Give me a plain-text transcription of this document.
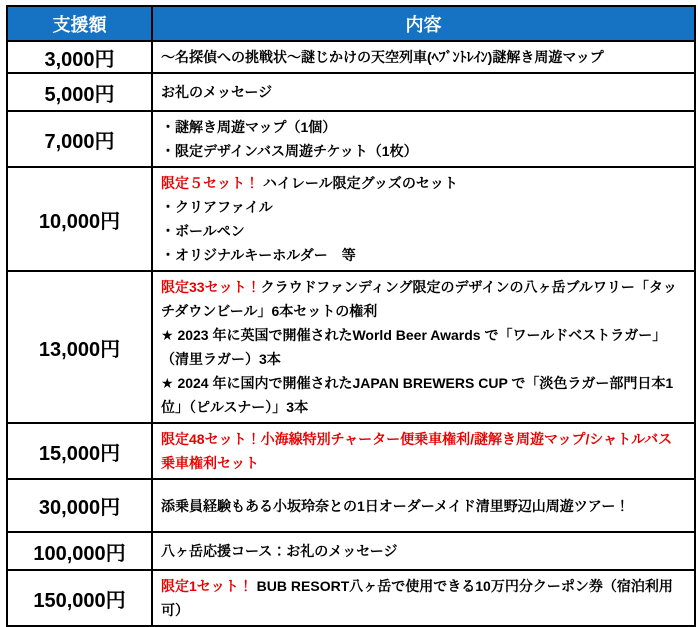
支援額	内容
3,000円	～名探偵への挑戦状～謎じかけの天空列車(ﾍﾌﾞﾝﾄﾚｲﾝ)謎解き周遊マップ

5,000円	お礼のメッセージ

7,000円	・謎解き周遊マップ（1個）
・限定デザインバス周遊チケット（1枚）

10,000円	限定５セット！ ハイレール限定グッズのセット
・クリアファイル
・ボールペン
・オリジナルキーホルダー　等

13,000円	限定33セット！クラウドファンディング限定のデザインの八ヶ岳ブルワリー「タッチダウンビール」6本セットの権利
★ 2023 年に英国で開催されたWorld Beer Awards で「ワールドベストラガー」（清里ラガー）3本
★ 2024 年に国内で開催されたJAPAN BREWERS CUP で「淡色ラガー部門日本1位」（ピルスナー）」3本

15,000円	限定48セット！小海線特別チャーター便乗車権利/謎解き周遊マップ/シャトルバス乗車権利セット

30,000円	添乗員経験もある小坂玲奈との1日オーダーメイド清里野辺山周遊ツアー！

100,000円	八ヶ岳応援コース：お礼のメッセージ

150,000円	限定1セット！ BUB RESORT八ヶ岳で使用できる10万円分クーポン券（宿泊利用可）
